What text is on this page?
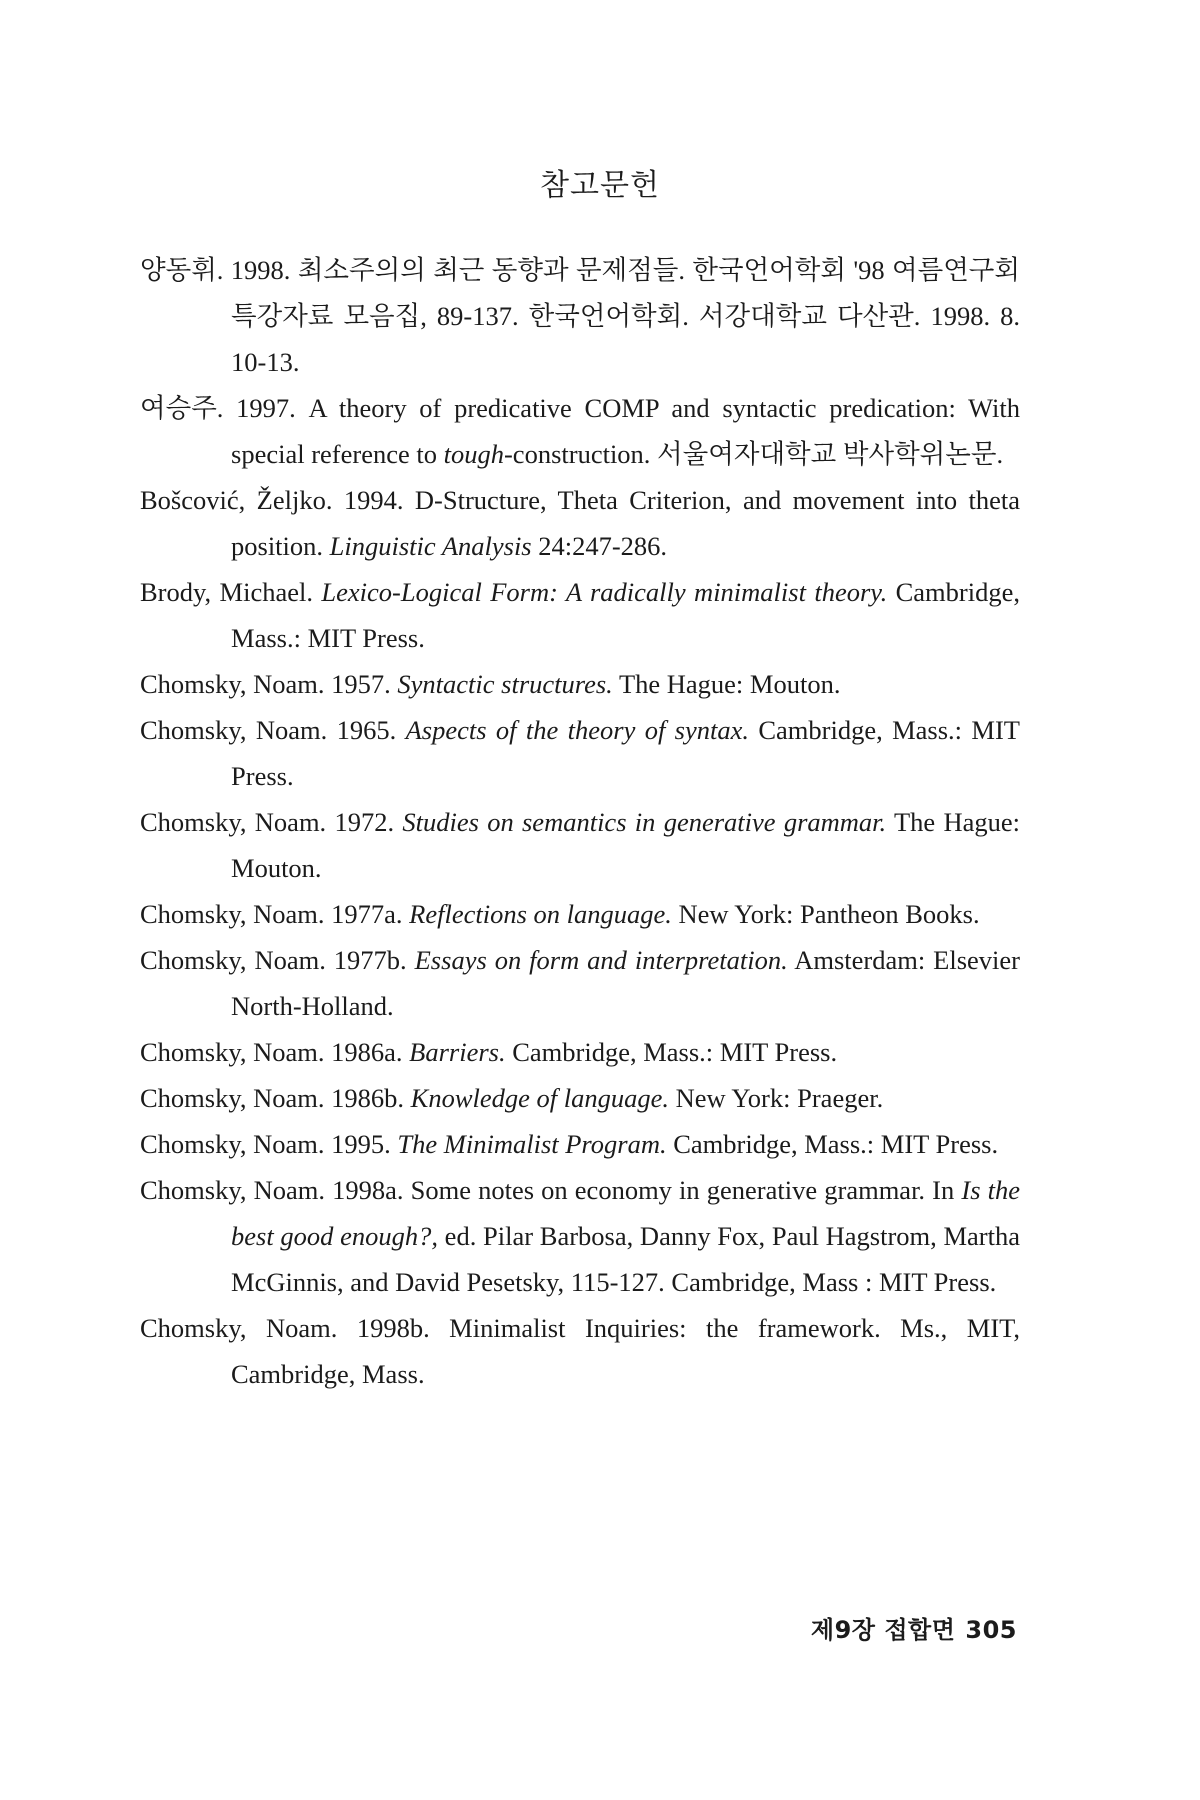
참고문헌

양동휘. 1998. 최소주의의 최근 동향과 문제점들. 한국언어학회 '98 여름연구회 특강자료 모음집, 89-137. 한국언어학회. 서강대학교 다산관. 1998. 8. 10-13.

여승주. 1997. A theory of predicative COMP and syntactic predication: With special reference to tough-construction. 서울여자대학교 박사학위논문.

Bošcović, Željko. 1994. D-Structure, Theta Criterion, and movement into theta position. Linguistic Analysis 24:247-286.

Brody, Michael. Lexico-Logical Form: A radically minimalist theory. Cambridge, Mass.: MIT Press.

Chomsky, Noam. 1957. Syntactic structures. The Hague: Mouton.

Chomsky, Noam. 1965. Aspects of the theory of syntax. Cambridge, Mass.: MIT Press.

Chomsky, Noam. 1972. Studies on semantics in generative grammar. The Hague: Mouton.

Chomsky, Noam. 1977a. Reflections on language. New York: Pantheon Books.

Chomsky, Noam. 1977b. Essays on form and interpretation. Amsterdam: Elsevier North-Holland.

Chomsky, Noam. 1986a. Barriers. Cambridge, Mass.: MIT Press.

Chomsky, Noam. 1986b. Knowledge of language. New York: Praeger.

Chomsky, Noam. 1995. The Minimalist Program. Cambridge, Mass.: MIT Press.

Chomsky, Noam. 1998a. Some notes on economy in generative grammar. In Is the best good enough?, ed. Pilar Barbosa, Danny Fox, Paul Hagstrom, Martha McGinnis, and David Pesetsky, 115-127. Cambridge, Mass : MIT Press.

Chomsky, Noam. 1998b. Minimalist Inquiries: the framework. Ms., MIT, Cambridge, Mass.

제9장 접합면 305
